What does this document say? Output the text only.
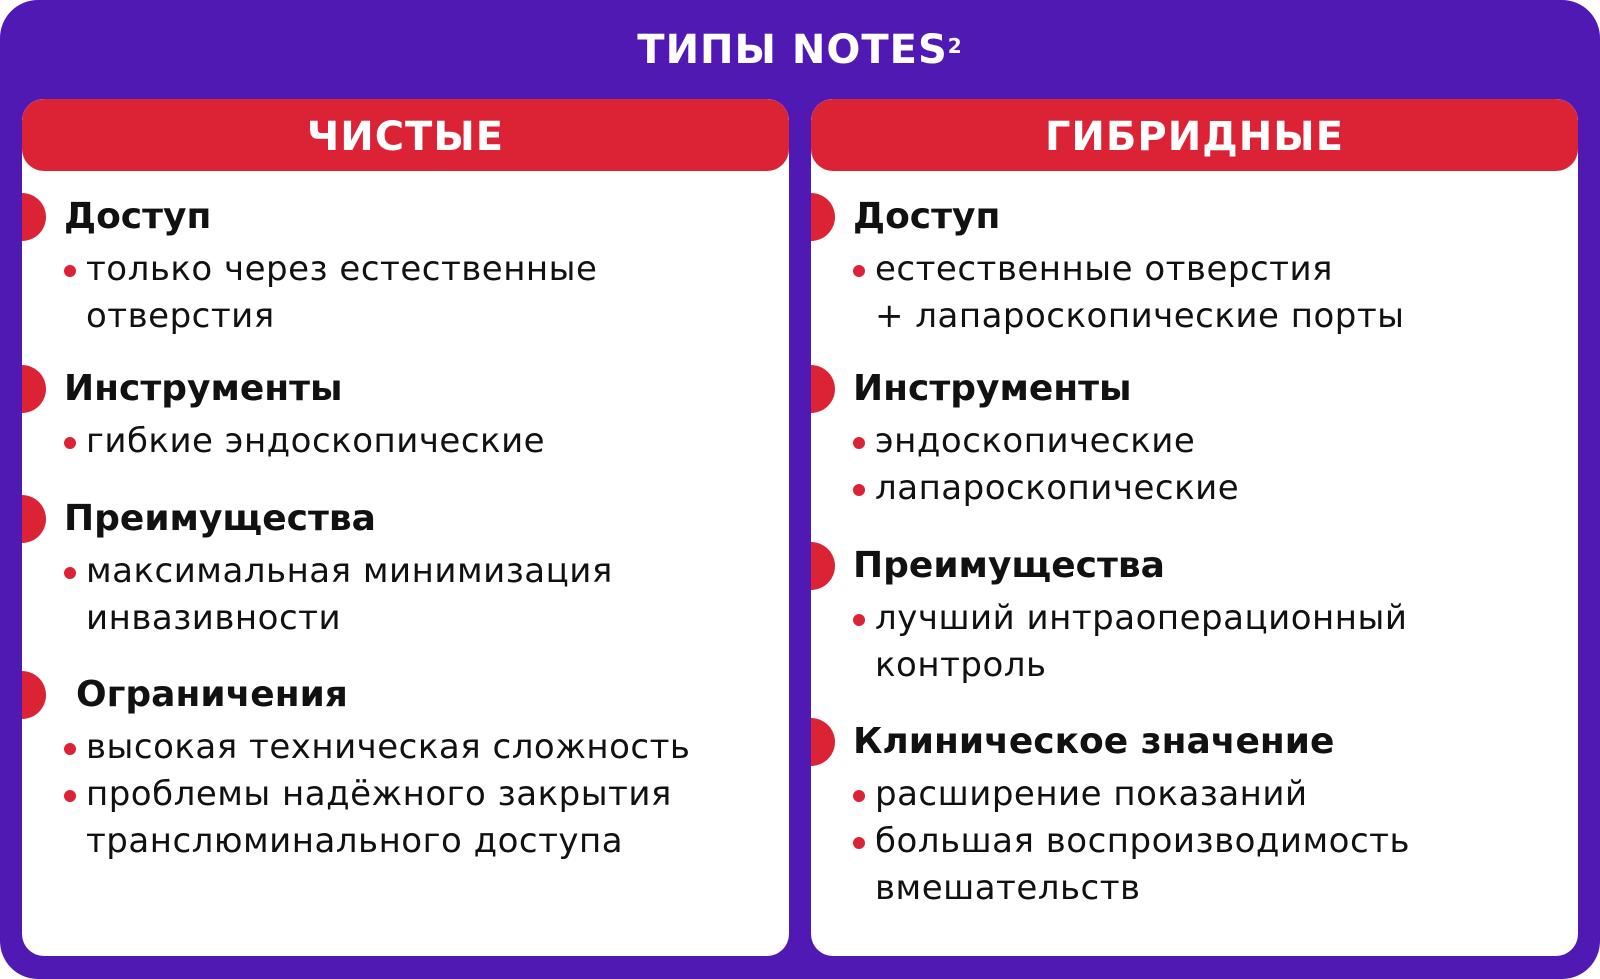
ТИПЫ NOTES$^2$
ЧИСТЫЕ
Доступ
только через естественные
отверстия
Инструменты
гибкие эндоскопические
Преимущества
максимальная минимизация
инвазивности
Ограничения
высокая техническая сложность
проблемы надёжного закрытия
транслюминального доступа
ГИБРИДНЫЕ
Доступ
естественные отверстия
+ лапароскопические порты
Инструменты
эндоскопические
лапароскопические
Преимущества
лучший интраоперационный
контроль
Клиническое значение
расширение показаний
большая воспроизводимость
вмешательств
